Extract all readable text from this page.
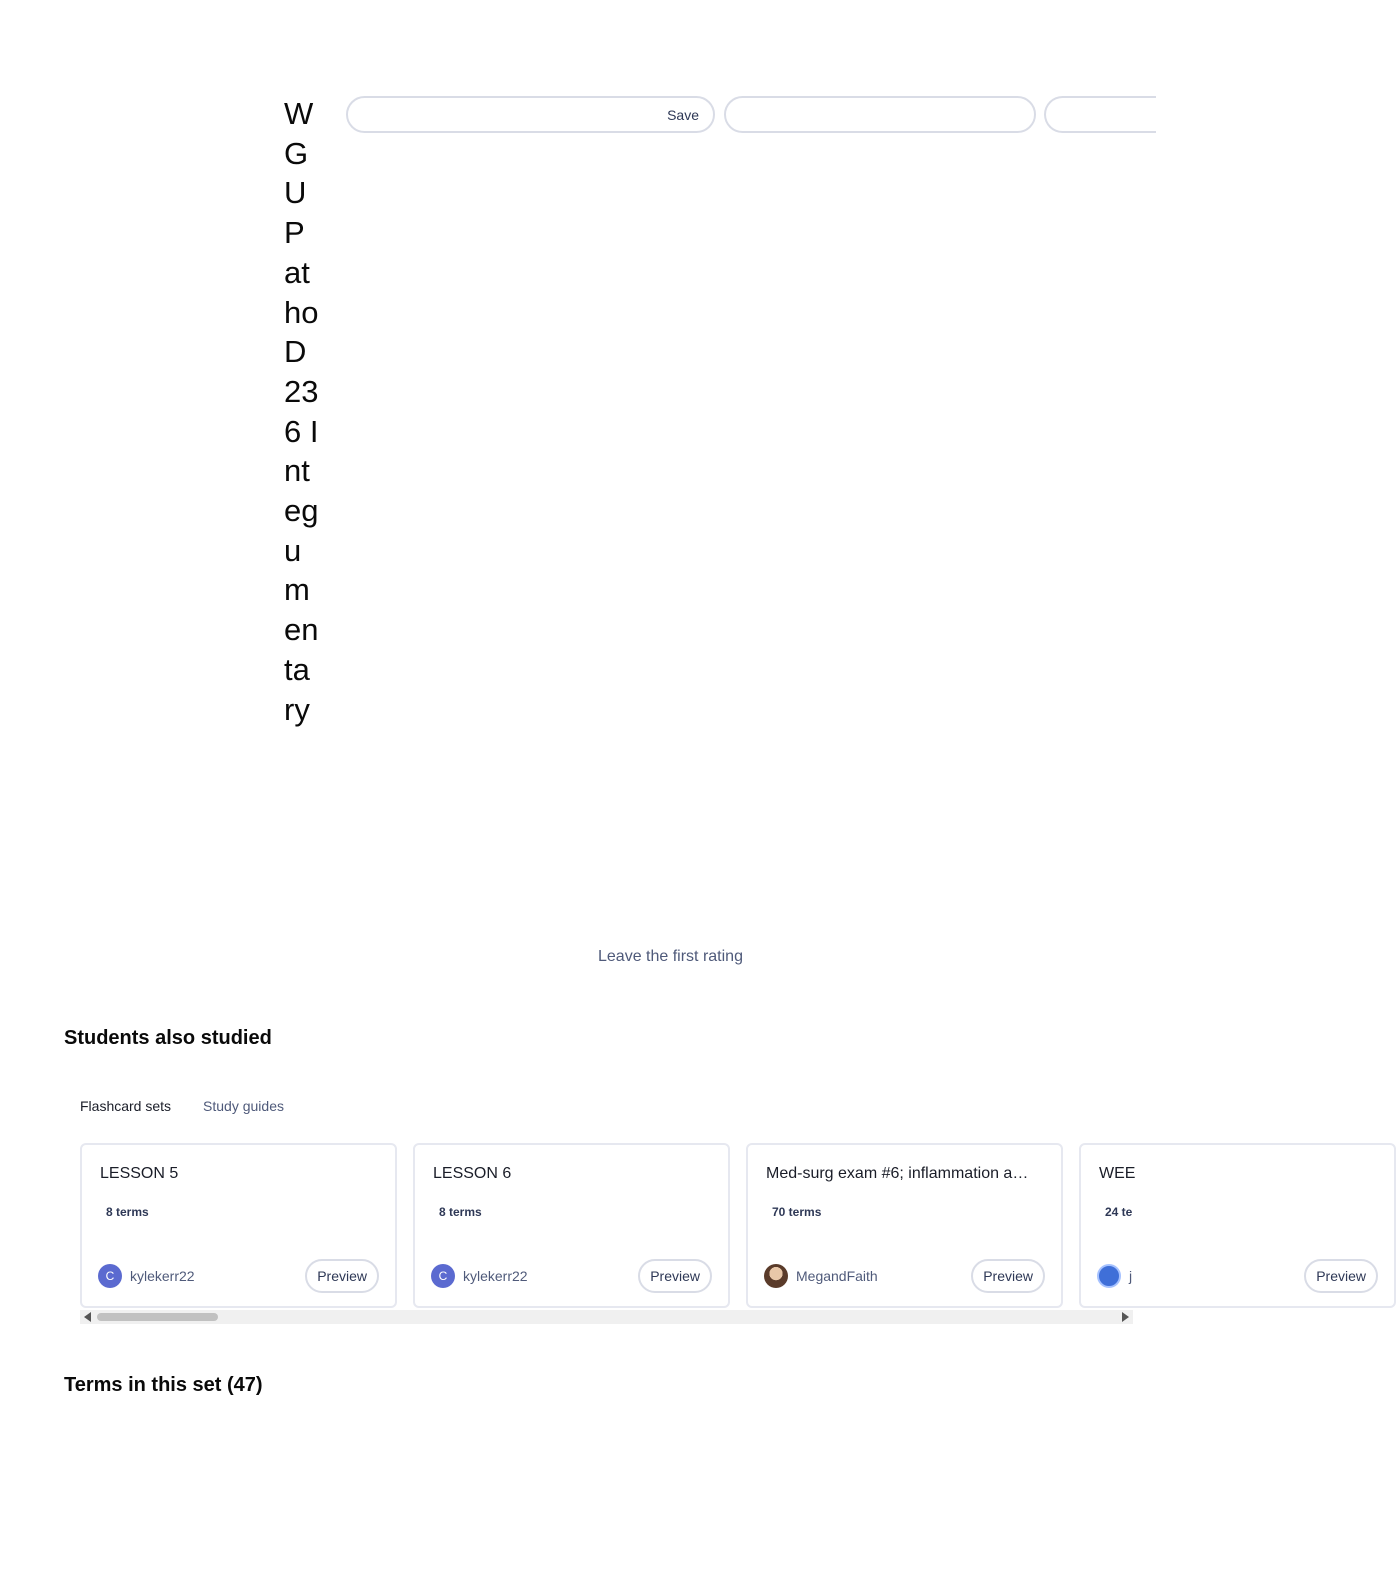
WGU Patho D236 Integumentary
Save
Leave the first rating
Students also studied
Flashcard sets Study guides
LESSON 5
8 terms
C	kylekerr22	Preview
LESSON 6
8 terms
C	kylekerr22	Preview
Med-surg exam #6; inflammation a…
70 terms
MegandFaith	Preview
WEE
24 te
j	Preview
Terms in this set (47)
